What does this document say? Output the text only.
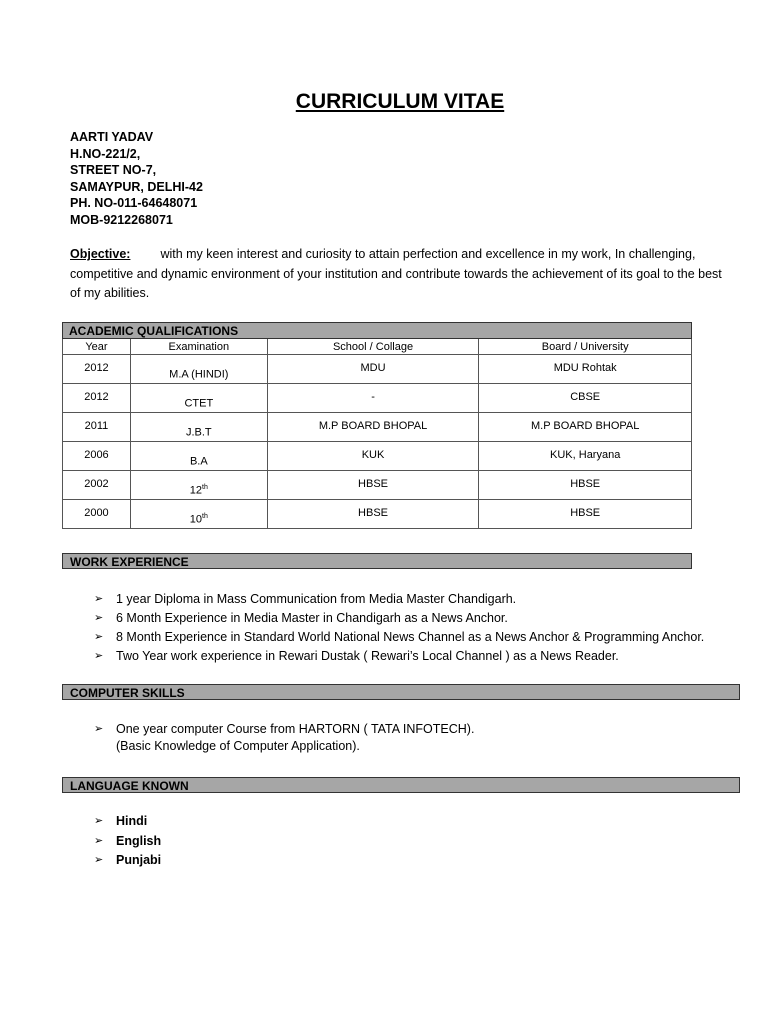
CURRICULUM VITAE
AARTI YADAV
H.NO-221/2,
STREET NO-7,
SAMAYPUR, DELHI-42
PH. NO-011-64648071
MOB-9212268071
Objective: with my keen interest and curiosity to attain perfection and excellence in my work, In challenging, competitive and dynamic environment of your institution and contribute towards the achievement of its goal to the best of my abilities.
ACADEMIC QUALIFICATIONS			
Year	Examination	School / Collage	Board / University
2012	M.A (HINDI)	MDU	MDU Rohtak
2012	CTET	-	CBSE
2011	J.B.T	M.P BOARD BHOPAL	M.P BOARD BHOPAL
2006	B.A	KUK	KUK, Haryana
2002	12th	HBSE	HBSE
2000	10th	HBSE	HBSE
WORK EXPERIENCE
➢ 1 year Diploma in Mass Communication from Media Master Chandigarh.
➢ 6 Month Experience in Media Master in Chandigarh as a News Anchor.
➢ 8 Month Experience in Standard World National News Channel as a News Anchor & Programming Anchor.
➢ Two Year work experience in Rewari Dustak ( Rewari’s Local Channel ) as a News Reader.
COMPUTER SKILLS
➢ One year computer Course from HARTORN ( TATA INFOTECH).
(Basic Knowledge of Computer Application).
LANGUAGE KNOWN
➢ Hindi
➢ English
➢ Punjabi
